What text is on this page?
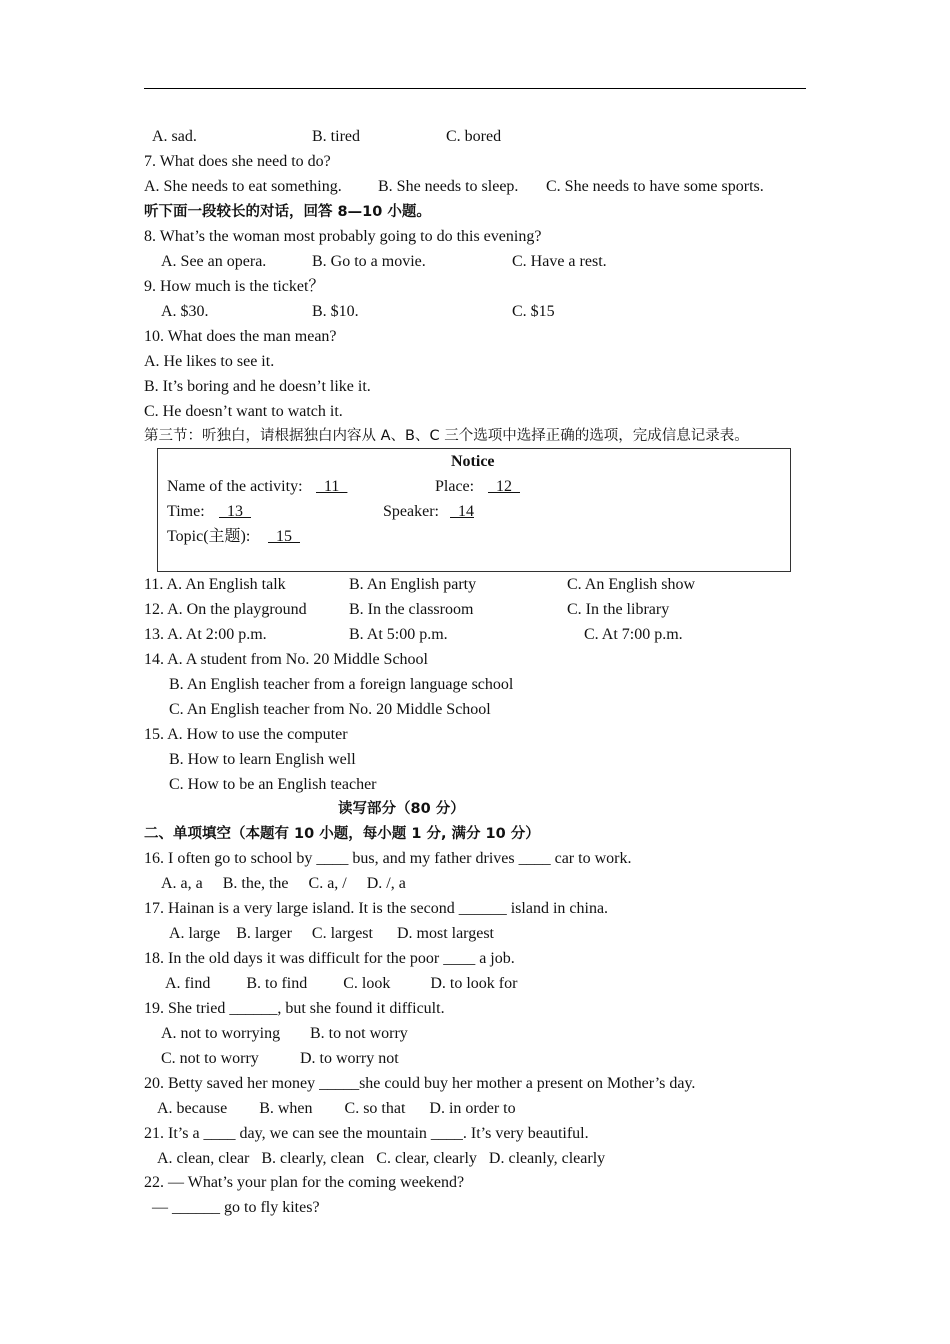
A. sad.	B. tired	C. bored
7. What does she need to do?
A. She needs to eat something. B. She needs to sleep. C. She needs to have some sports.
听下面一段较长的对话，回答 8—10 小题。
8. What’s the woman most probably going to do this evening?
A. See an opera.	B. Go to a movie.	C. Have a rest.
9. How much is the ticket？
A. $30.	B. $10.	C. $15
10. What does the man mean?
A. He likes to see it.
B. It’s boring and he doesn’t like it.
C. He doesn’t want to watch it.
第三节：听独白，请根据独白内容从 A、B、C 三个选项中选择正确的选项，完成信息记录表。
Notice
Name of the activity: 11	Place: 12
Time: 13	Speaker: 14
Topic(主题): 15
11. A. An English talk	B. An English party	C. An English show
12. A. On the playground	B. In the classroom	C. In the library
13. A. At 2:00 p.m.	B. At 5:00 p.m.	C. At 7:00 p.m.
14. A. A student from No. 20 Middle School
B. An English teacher from a foreign language school
C. An English teacher from No. 20 Middle School
15. A. How to use the computer
B. How to learn English well
C. How to be an English teacher
读写部分（80 分）
二、单项填空（本题有 10 小题，每小题 1 分, 满分 10 分）
16. I often go to school by ____ bus, and my father drives ____ car to work.
A. a, a     B. the, the     C. a, /     D. /, a
17. Hainan is a very large island. It is the second ______ island in china.
A. large    B. larger     C. largest      D. most largest
18. In the old days it was difficult for the poor ____ a job.
A. find         B. to find         C. look          D. to look for
19. She tried ______, but she found it difficult.
A. not to worrying B. to not worry
C. not to worry	D. to worry not
20. Betty saved her money _____she could buy her mother a present on Mother’s day.
A. because        B. when        C. so that      D. in order to
21. It’s a ____ day, we can see the mountain ____. It’s very beautiful.
A. clean, clear   B. clearly, clean   C. clear, clearly   D. cleanly, clearly
22. — What’s your plan for the coming weekend?
— ______ go to fly kites?
